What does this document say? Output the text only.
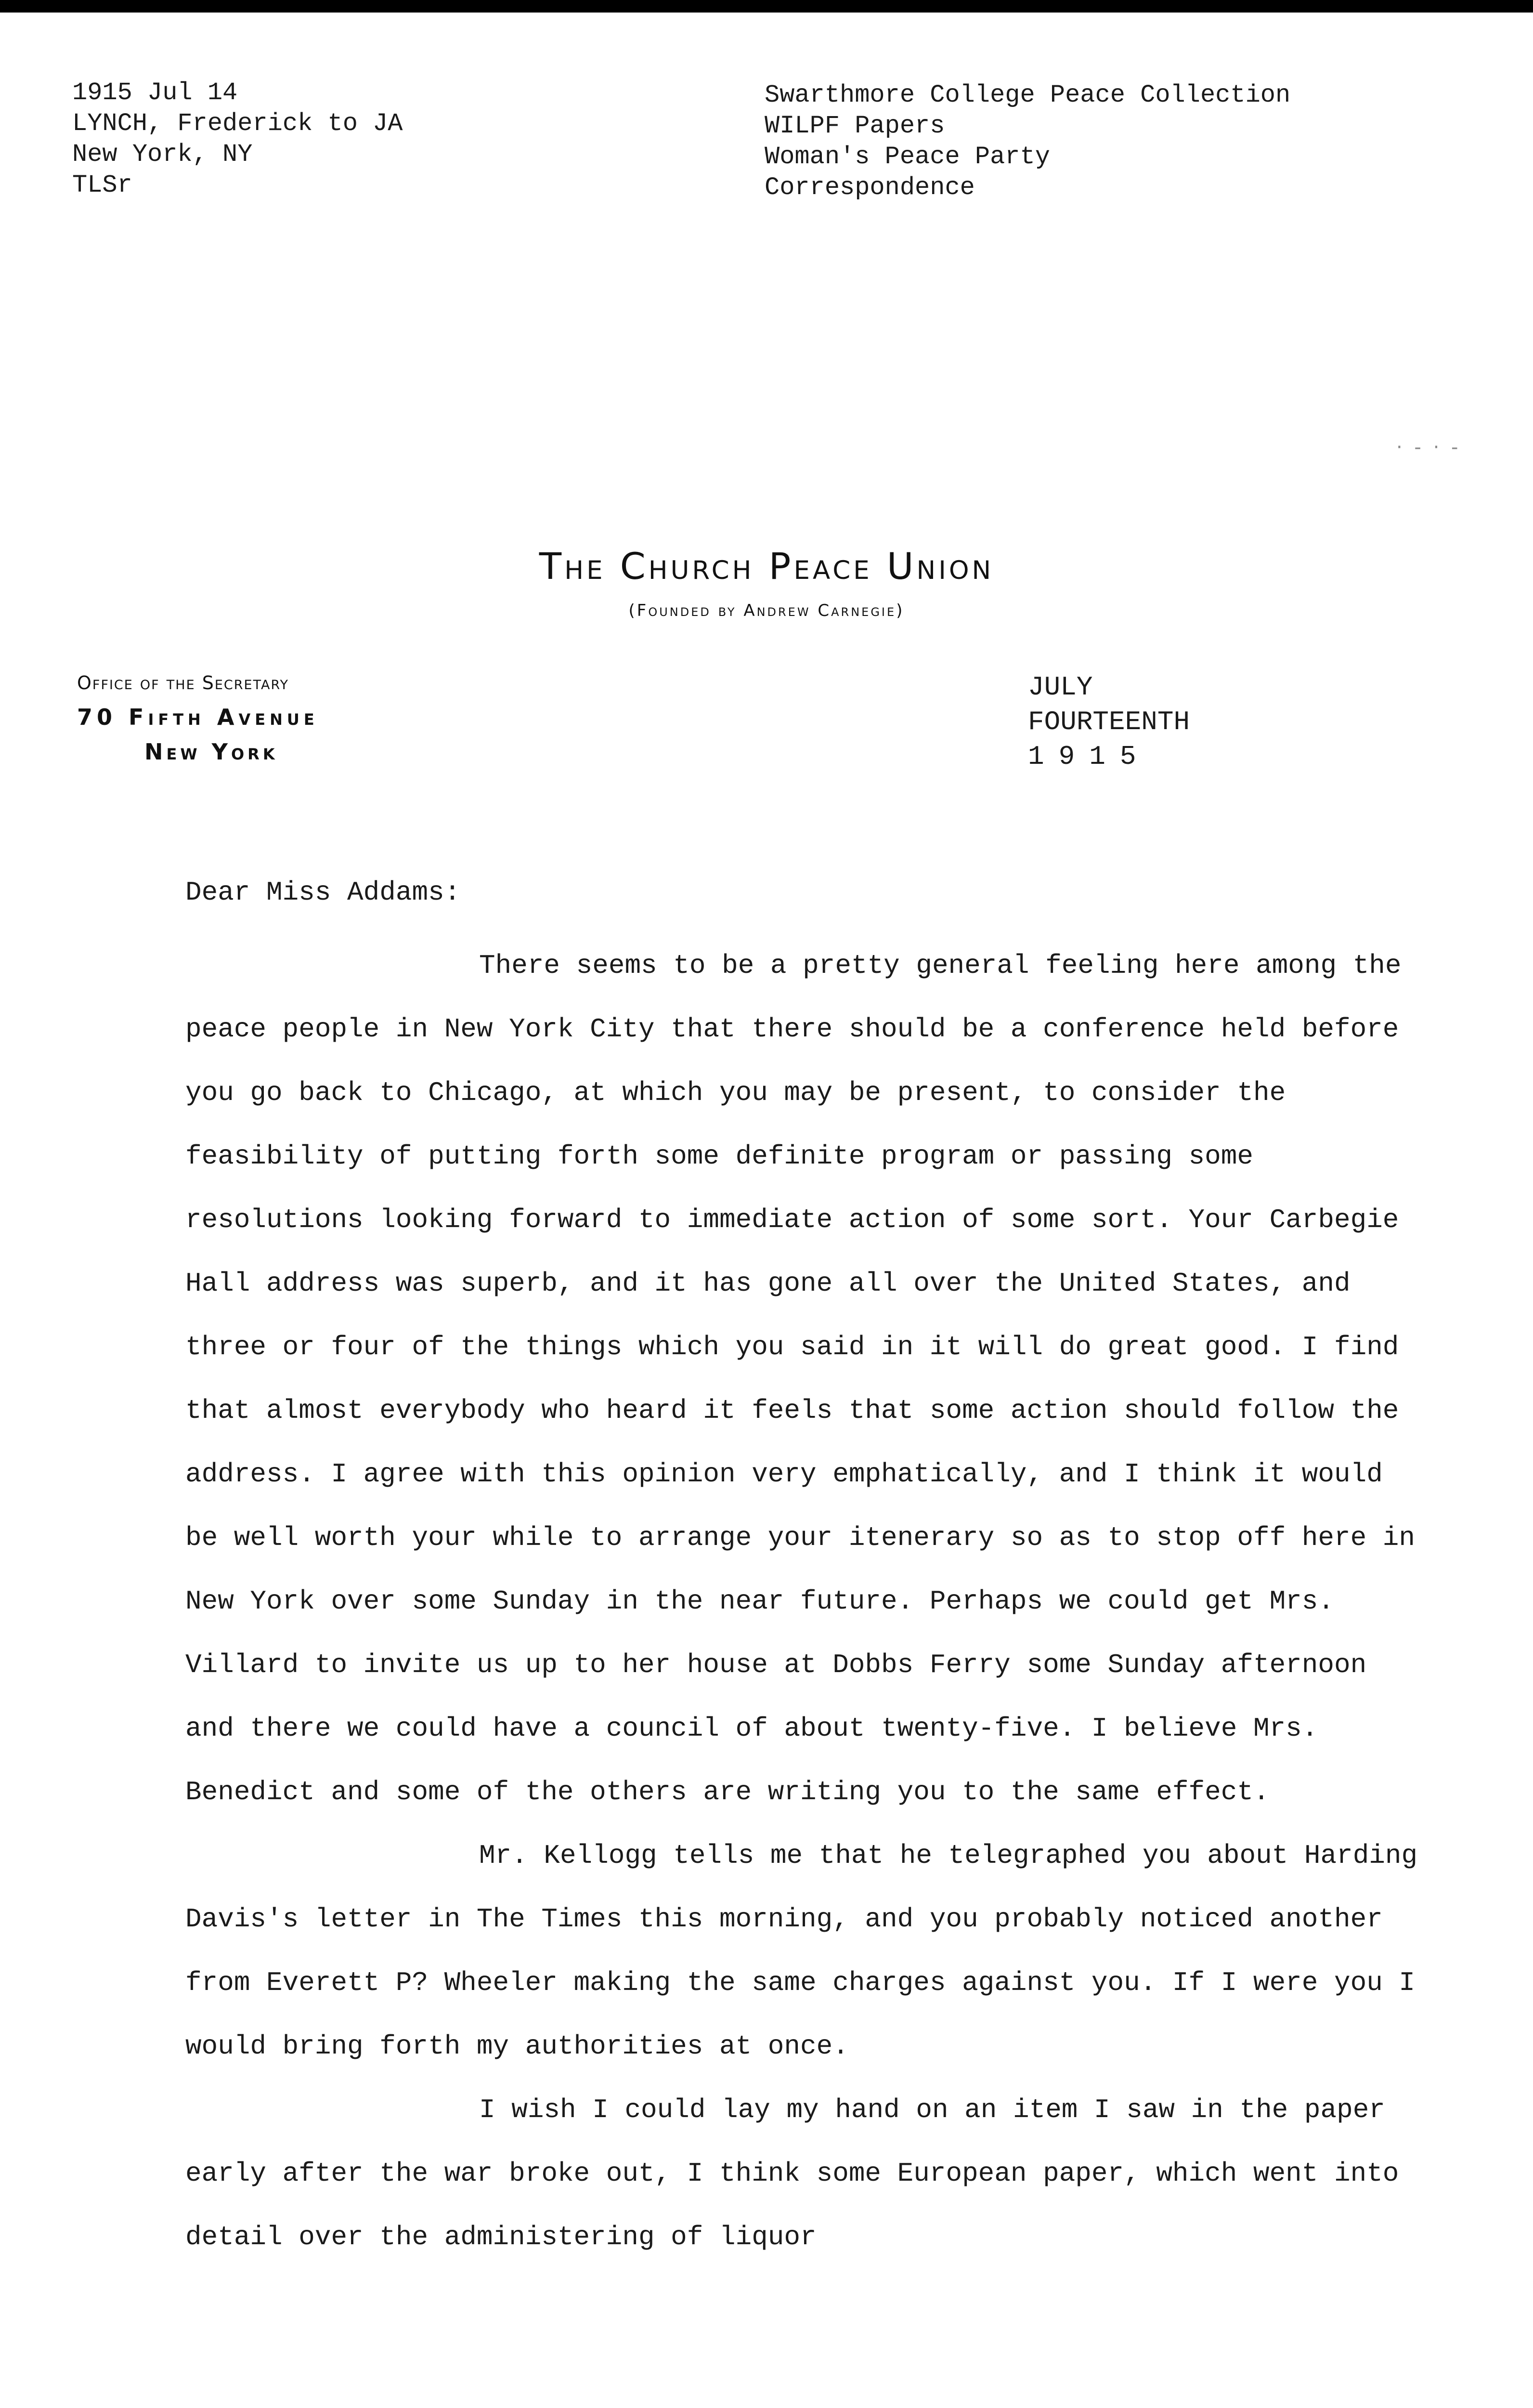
1915 Jul 14
LYNCH, Frederick to JA
New York, NY
TLSr
Swarthmore College Peace Collection
WILPF Papers
Woman's Peace Party
Correspondence
· ‐ · ‐
The Church Peace Union
(Founded by Andrew Carnegie)
Office of the Secretary
70 Fifth Avenue
New York
JULY
FOURTEENTH
1915
Dear Miss Addams:

There seems to be a pretty general feeling here among the peace people in New York City that there should be a conference held before you go back to Chicago, at which you may be present, to consider the feasibility of putting forth some definite program or passing some resolutions looking forward to immediate action of some sort. Your Carbegie Hall address was superb, and it has gone all over the United States, and three or four of the things which you said in it will do great good. I find that almost everybody who heard it feels that some action should follow the address. I agree with this opinion very emphatically, and I think it would be well worth your while to arrange your itenerary so as to stop off here in New York over some Sunday in the near future. Perhaps we could get Mrs. Villard to invite us up to her house at Dobbs Ferry some Sunday afternoon and there we could have a council of about twenty-five. I believe Mrs. Benedict and some of the others are writing you to the same effect.

Mr. Kellogg tells me that he telegraphed you about Harding Davis's letter in The Times this morning, and you probably noticed another from Everett P? Wheeler making the same charges against you. If I were you I would bring forth my authorities at once.

I wish I could lay my hand on an item I saw in the paper early after the war broke out, I think some European paper, which went into detail over the administering of liquor
